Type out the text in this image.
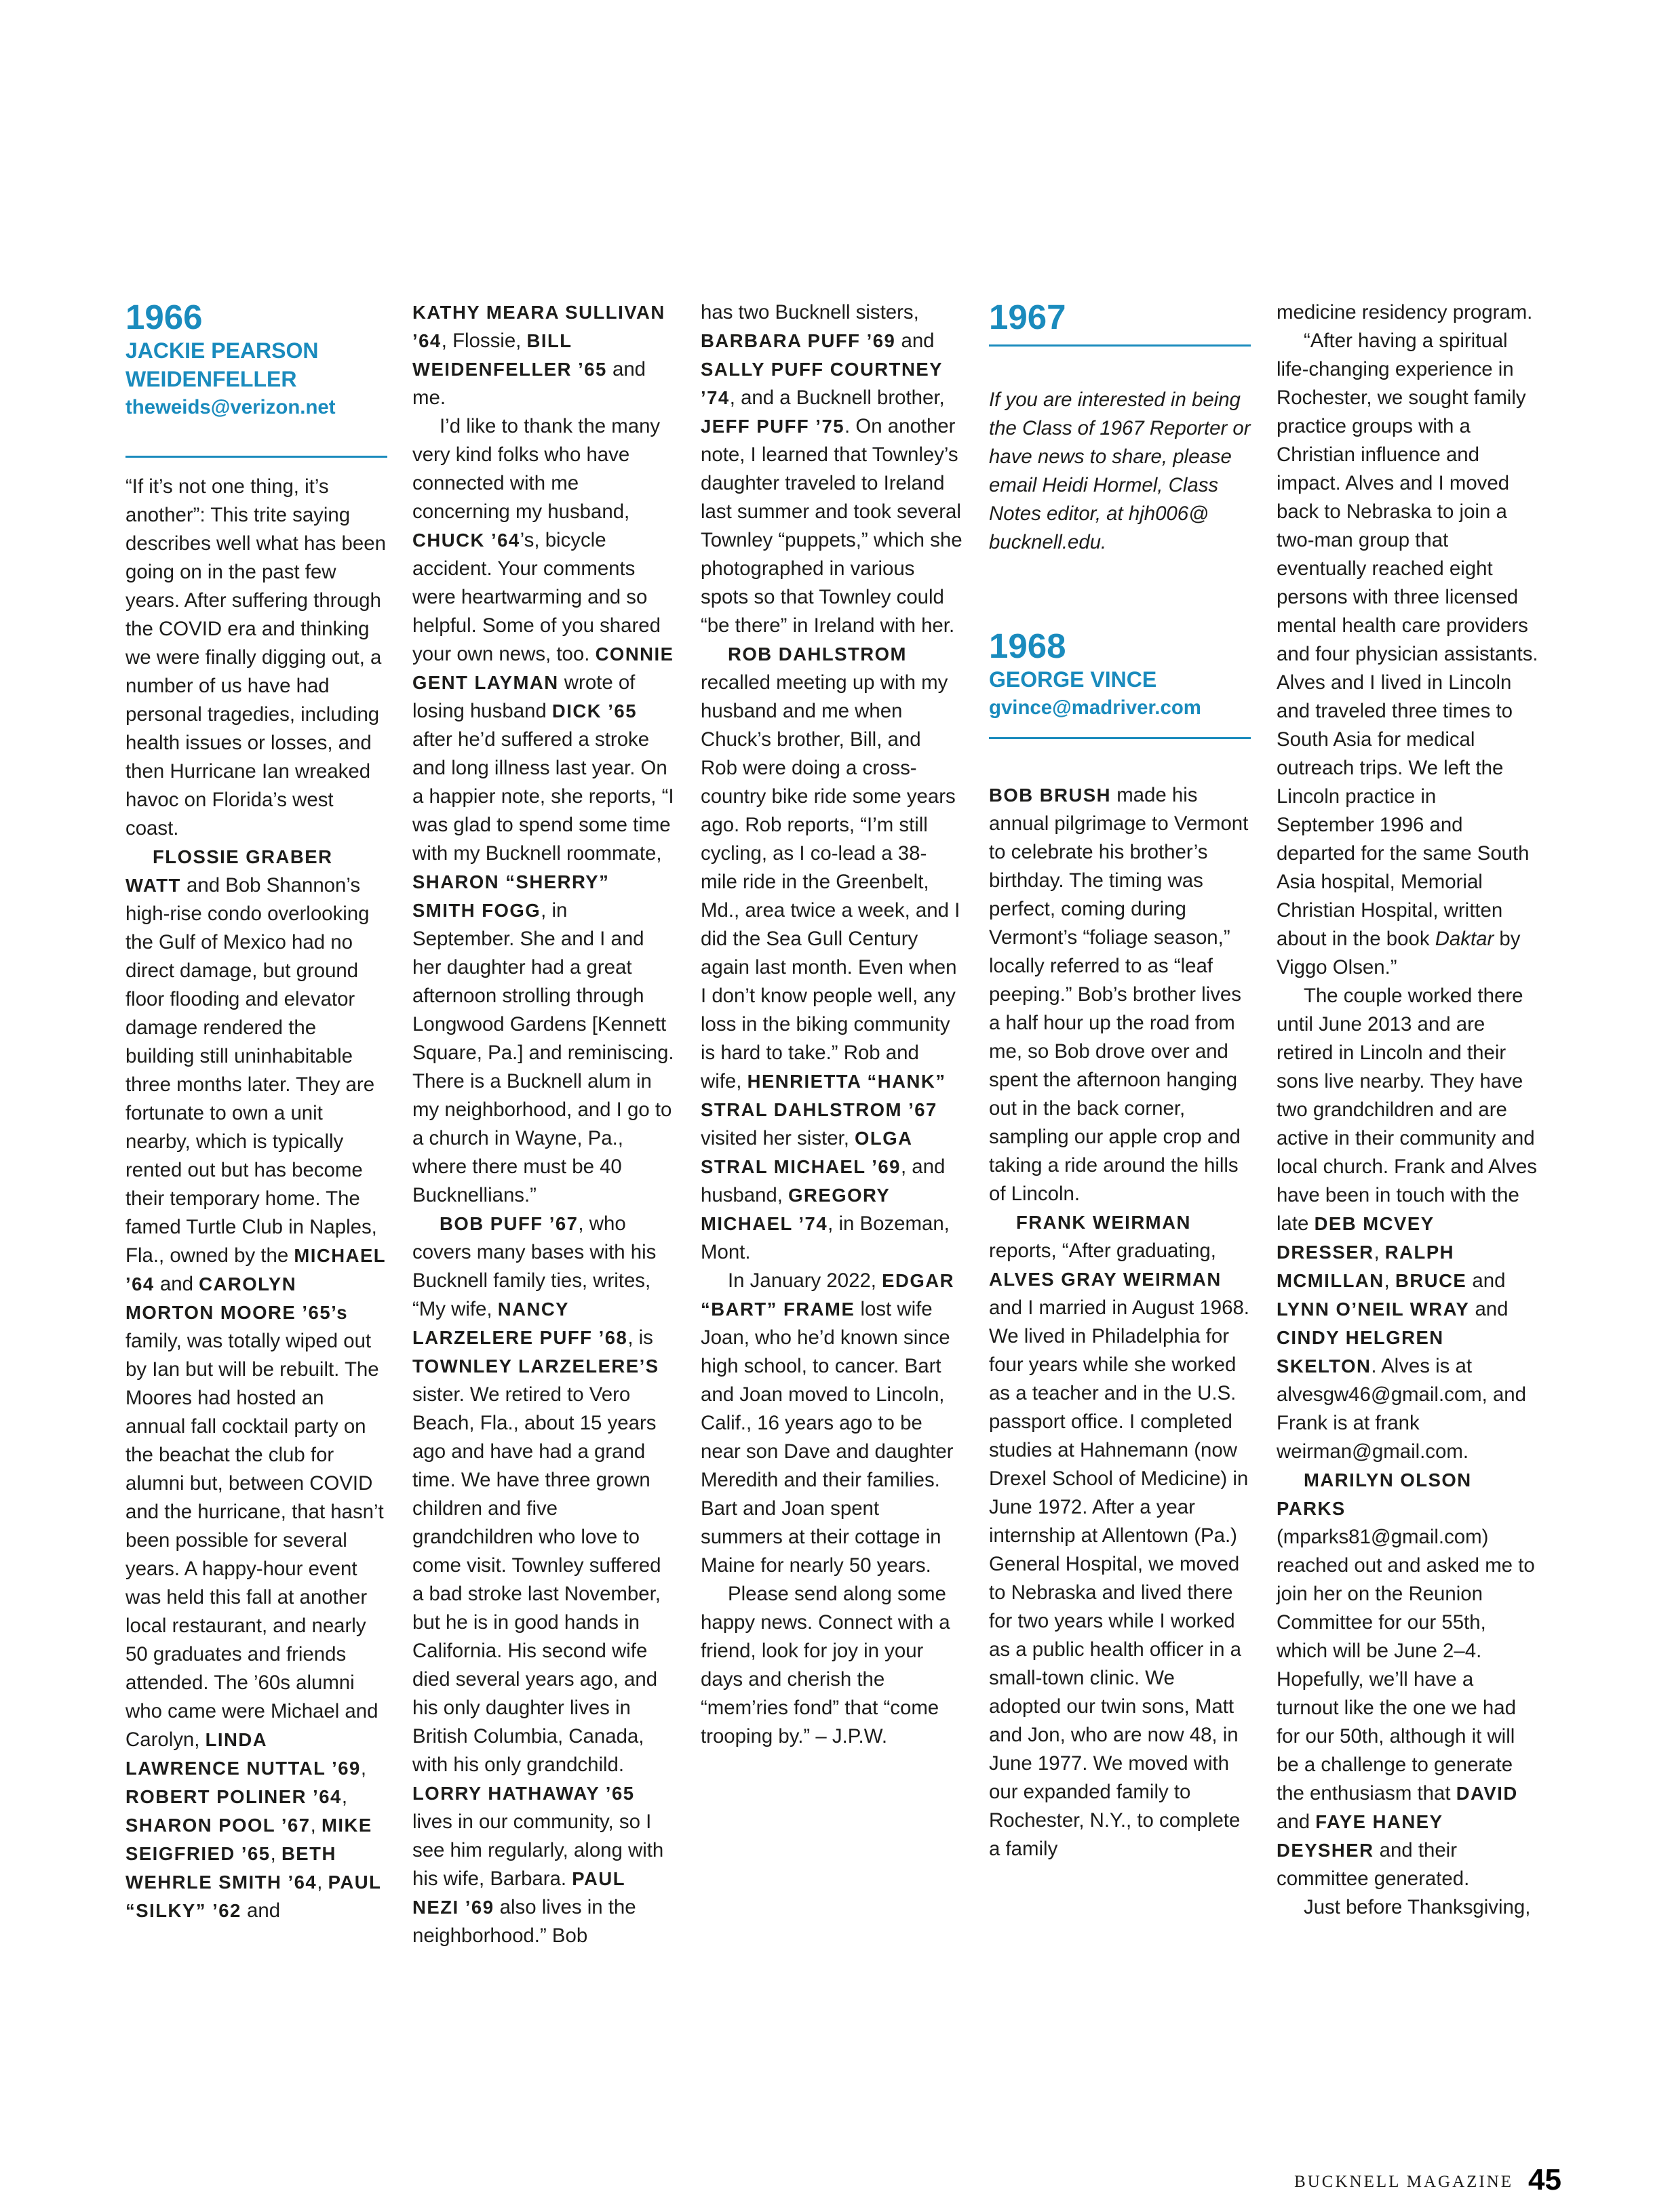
1966
JACKIE PEARSON
WEIDENFELLER
theweids@verizon.net

“If it’s not one thing, it’s another”: This trite saying describes well what has been going on in the past few years. After suffering through the COVID era and thinking we were finally digging out, a number of us have had personal tragedies, including health issues or losses, and then Hurricane Ian wreaked havoc on Florida’s west coast.

FLOSSIE GRABER WATT and Bob Shannon’s high-rise condo overlooking the Gulf of Mexico had no direct damage, but ground floor flooding and elevator damage rendered the building still uninhabitable three months later. They are fortunate to own a unit nearby, which is typically rented out but has become their temporary home. The famed Turtle Club in Naples, Fla., owned by the MICHAEL ’64 and CAROLYN MORTON MOORE ’65’s family, was totally wiped out by Ian but will be rebuilt. The Moores had hosted an annual fall cocktail party on the beachat the club for alumni but, between COVID and the hurricane, that hasn’t been possible for several years. A happy-hour event was held this fall at another local restaurant, and nearly 50 graduates and friends attended. The ’60s alumni who came were Michael and Carolyn, LINDA LAWRENCE NUTTAL ’69, ROBERT POLINER ’64, SHARON POOL ’67, MIKE SEIGFRIED ’65, BETH WEHRLE SMITH ’64, PAUL “SILKY” ’62 and

KATHY MEARA SULLIVAN ’64, Flossie, BILL WEIDENFELLER ’65 and me.

I’d like to thank the many very kind folks who have connected with me concerning my husband, CHUCK ’64’s, bicycle accident. Your comments were heartwarming and so helpful. Some of you shared your own news, too. CONNIE GENT LAYMAN wrote of losing husband DICK ’65 after he’d suffered a stroke and long illness last year. On a happier note, she reports, “I was glad to spend some time with my Bucknell roommate, SHARON “SHERRY” SMITH FOGG, in September. She and I and her daughter had a great afternoon strolling through Longwood Gardens [Kennett Square, Pa.] and reminiscing. There is a Bucknell alum in my neighborhood, and I go to a church in Wayne, Pa., where there must be 40 Bucknellians.”

BOB PUFF ’67, who covers many bases with his Bucknell family ties, writes, “My wife, NANCY LARZELERE PUFF ’68, is TOWNLEY LARZELERE’S sister. We retired to Vero Beach, Fla., about 15 years ago and have had a grand time. We have three grown children and five grandchildren who love to come visit. Townley suffered a bad stroke last November, but he is in good hands in California. His second wife died several years ago, and his only daughter lives in British Columbia, Canada, with his only grandchild. LORRY HATHAWAY ’65 lives in our community, so I see him regularly, along with his wife, Barbara. PAUL NEZI ’69 also lives in the neighborhood.” Bob

has two Bucknell sisters, BARBARA PUFF ’69 and SALLY PUFF COURTNEY ’74, and a Bucknell brother, JEFF PUFF ’75. On another note, I learned that Townley’s daughter traveled to Ireland last summer and took several Townley “puppets,” which she photographed in various spots so that Townley could “be there” in Ireland with her.

ROB DAHLSTROM recalled meeting up with my husband and me when Chuck’s brother, Bill, and Rob were doing a cross-country bike ride some years ago. Rob reports, “I’m still cycling, as I co-lead a 38-mile ride in the Greenbelt, Md., area twice a week, and I did the Sea Gull Century again last month. Even when I don’t know people well, any loss in the biking community is hard to take.” Rob and wife, HENRIETTA “HANK” STRAL DAHLSTROM ’67 visited her sister, OLGA STRAL MICHAEL ’69, and husband, GREGORY MICHAEL ’74, in Bozeman, Mont.

In January 2022, EDGAR “BART” FRAME lost wife Joan, who he’d known since high school, to cancer. Bart and Joan moved to Lincoln, Calif., 16 years ago to be near son Dave and daughter Meredith and their families. Bart and Joan spent summers at their cottage in Maine for nearly 50 years.

Please send along some happy news. Connect with a friend, look for joy in your days and cherish the “mem’ries fond” that “come trooping by.” – J.P.W.

1967

If you are interested in being the Class of 1967 Reporter or have news to share, please email Heidi Hormel, Class Notes editor, at hjh006@ bucknell.edu.

1968
GEORGE VINCE
gvince@madriver.com

BOB BRUSH made his annual pilgrimage to Vermont to celebrate his brother’s birthday. The timing was perfect, coming during Vermont’s “foliage season,” locally referred to as “leaf peeping.” Bob’s brother lives a half hour up the road from me, so Bob drove over and spent the afternoon hanging out in the back corner, sampling our apple crop and taking a ride around the hills of Lincoln.

FRANK WEIRMAN reports, “After graduating, ALVES GRAY WEIRMAN and I married in August 1968. We lived in Philadelphia for four years while she worked as a teacher and in the U.S. passport office. I completed studies at Hahnemann (now Drexel School of Medicine) in June 1972. After a year internship at Allentown (Pa.) General Hospital, we moved to Nebraska and lived there for two years while I worked as a public health officer in a small-town clinic. We adopted our twin sons, Matt and Jon, who are now 48, in June 1977. We moved with our expanded family to Rochester, N.Y., to complete a family

medicine residency program.

“After having a spiritual life-changing experience in Rochester, we sought family practice groups with a Christian influence and impact. Alves and I moved back to Nebraska to join a two-man group that eventually reached eight persons with three licensed mental health care providers and four physician assistants. Alves and I lived in Lincoln and traveled three times to South Asia for medical outreach trips. We left the Lincoln practice in September 1996 and departed for the same South Asia hospital, Memorial Christian Hospital, written about in the book Daktar by Viggo Olsen.”

The couple worked there until June 2013 and are retired in Lincoln and their sons live nearby. They have two grandchildren and are active in their community and local church. Frank and Alves have been in touch with the late DEB MCVEY DRESSER, RALPH MCMILLAN, BRUCE and LYNN O’NEIL WRAY and CINDY HELGREN SKELTON. Alves is at alvesgw46@gmail.com, and Frank is at frank weirman@gmail.com.

MARILYN OLSON PARKS (mparks81@gmail.com) reached out and asked me to join her on the Reunion Committee for our 55th, which will be June 2–4. Hopefully, we’ll have a turnout like the one we had for our 50th, although it will be a challenge to generate the enthusiasm that DAVID and FAYE HANEY DEYSHER and their committee generated.

Just before Thanksgiving,

BUCKNELL MAGAZINE 45
